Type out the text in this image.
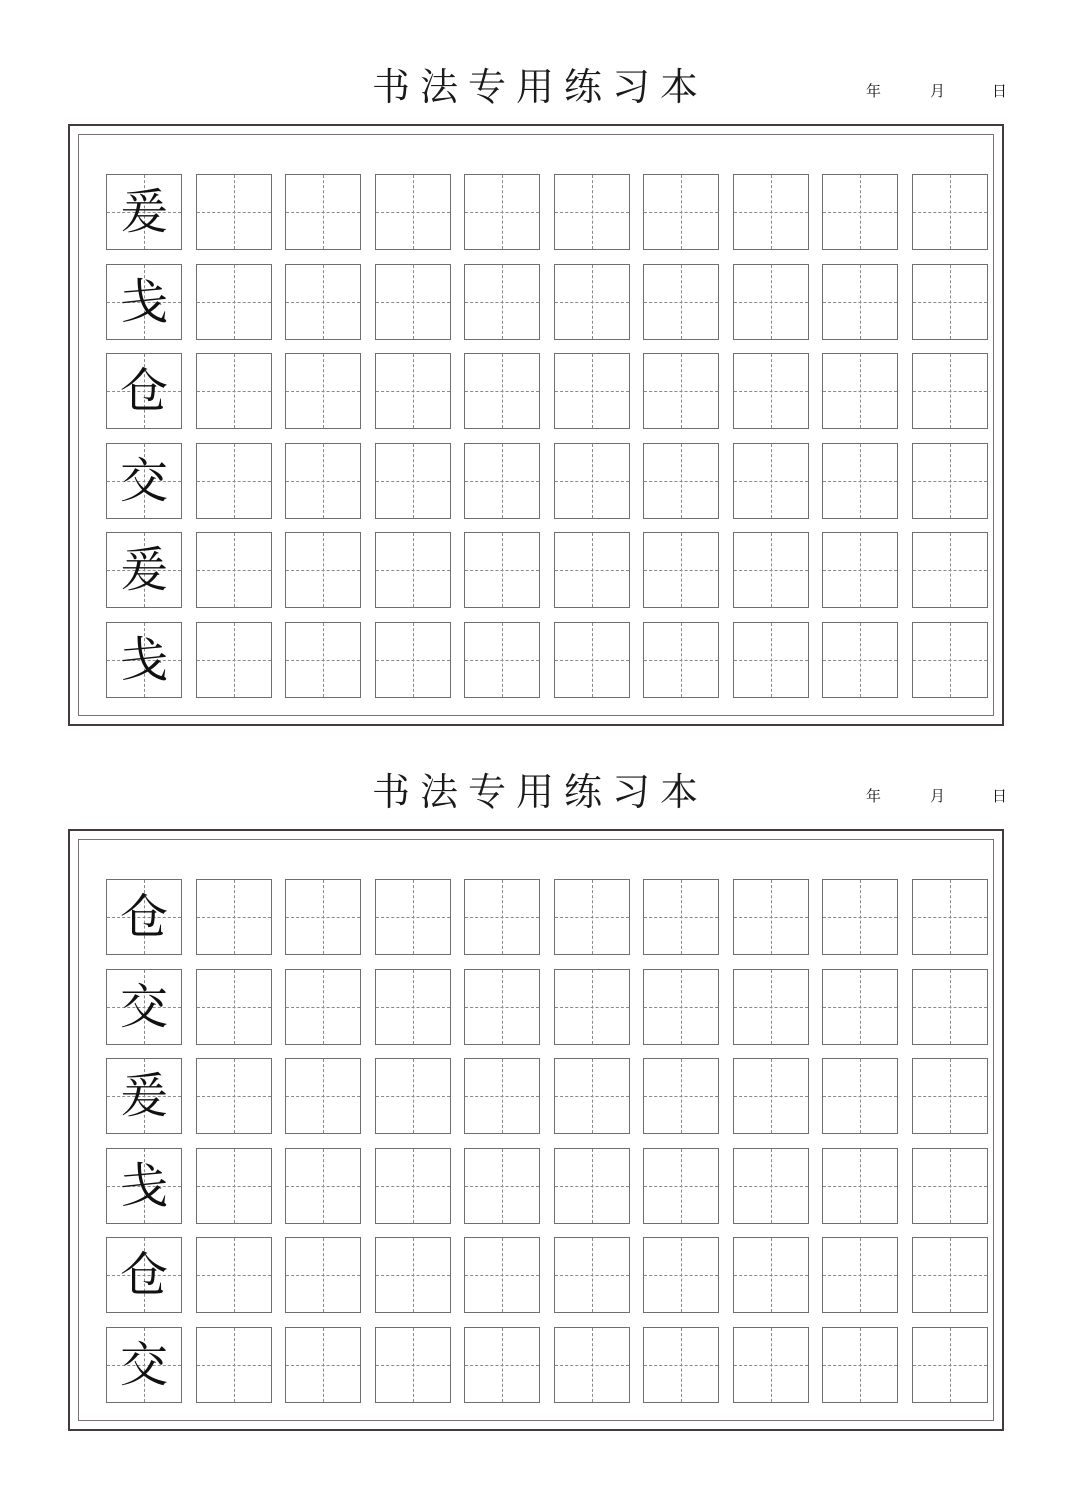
书法专用练习本	年	月	日
爰
戋
仓
交
爰
戋
书法专用练习本	年	月	日
仓
交
爰
戋
仓
交
